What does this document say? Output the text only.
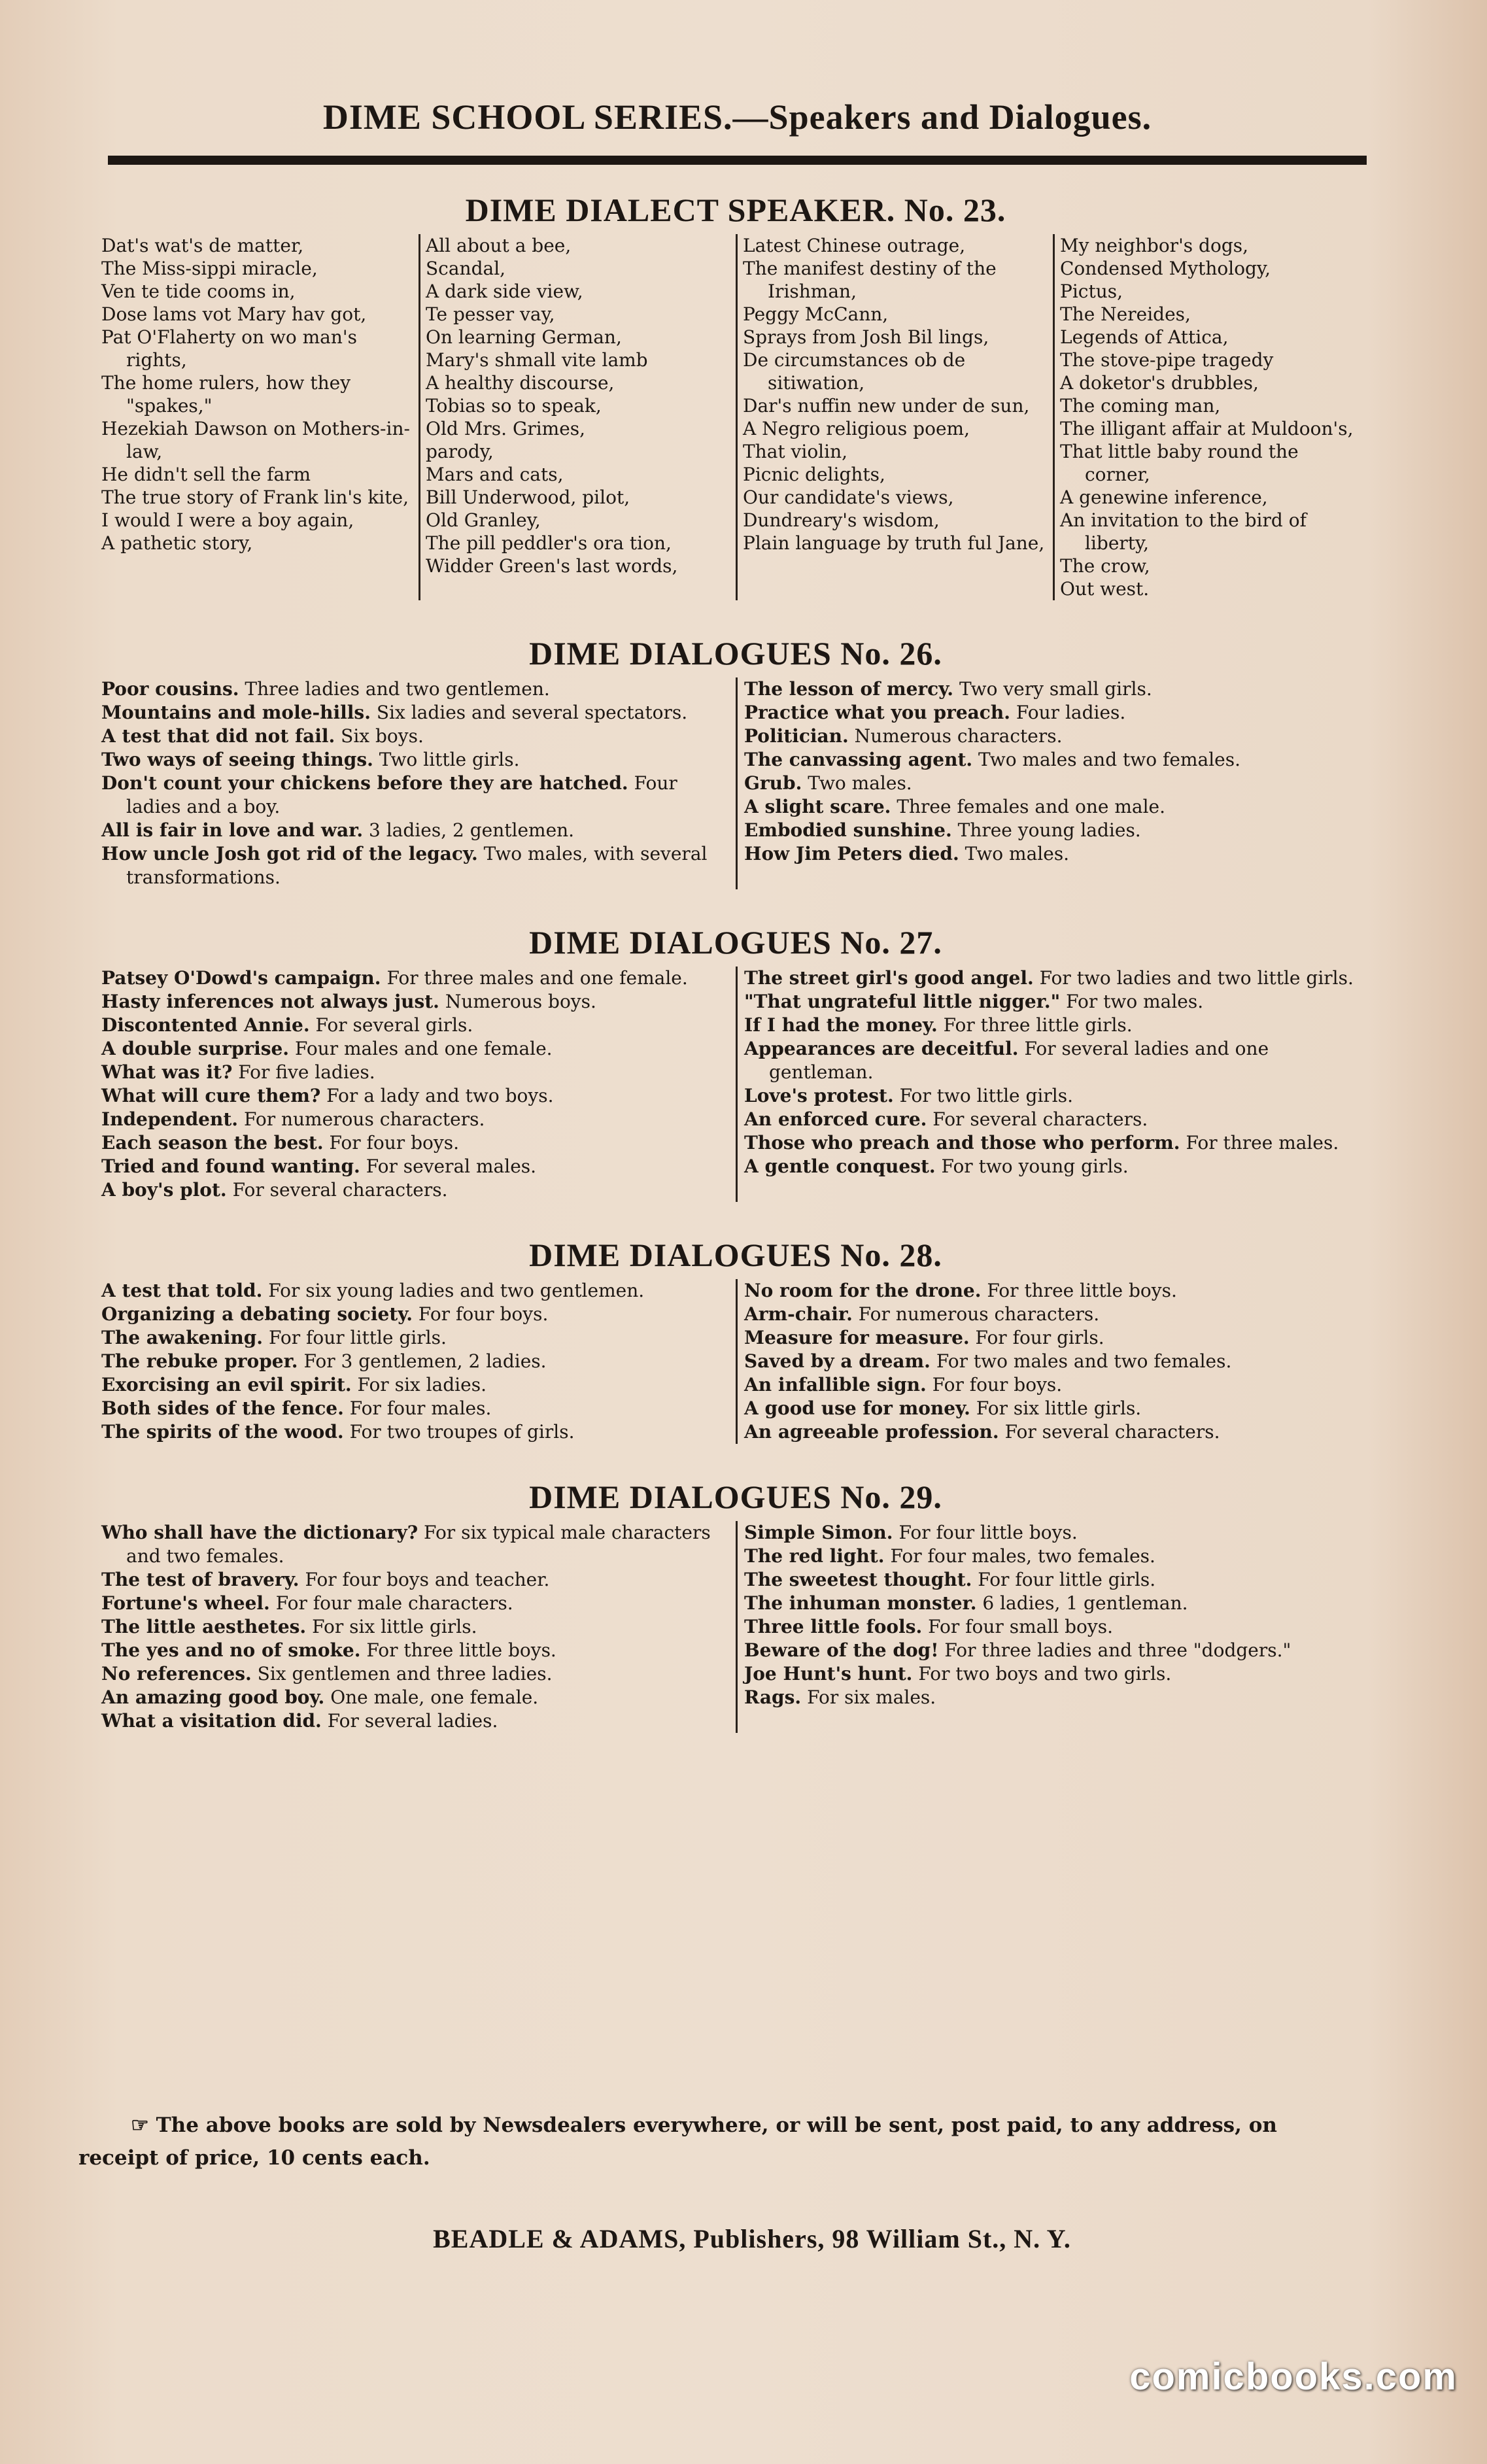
DIME SCHOOL SERIES.—Speakers and Dialogues.
DIME DIALECT SPEAKER. No. 23.
Dat's wat's de matter,
The Miss-sippi miracle,
Ven te tide cooms in,
Dose lams vot Mary hav got,
Pat O'Flaherty on wo man's rights,
The home rulers, how they "spakes,"
Hezekiah Dawson on Mothers-in-law,
He didn't sell the farm
The true story of Frank lin's kite,
I would I were a boy again,
A pathetic story,
All about a bee,
Scandal,
A dark side view,
Te pesser vay,
On learning German,
Mary's shmall vite lamb
A healthy discourse,
Tobias so to speak,
Old Mrs. Grimes,
parody,
Mars and cats,
Bill Underwood, pilot,
Old Granley,
The pill peddler's ora tion,
Widder Green's last words,
Latest Chinese outrage,
The manifest destiny of the Irishman,
Peggy McCann,
Sprays from Josh Bil lings,
De circumstances ob de sitiwation,
Dar's nuffin new under de sun,
A Negro religious poem,
That violin,
Picnic delights,
Our candidate's views,
Dundreary's wisdom,
Plain language by truth ful Jane,
My neighbor's dogs,
Condensed Mythology,
Pictus,
The Nereides,
Legends of Attica,
The stove-pipe tragedy
A doketor's drubbles,
The coming man,
The illigant affair at Muldoon's,
That little baby round the corner,
A genewine inference,
An invitation to the bird of liberty,
The crow,
Out west.
DIME DIALOGUES No. 26.
Poor cousins. Three ladies and two gentlemen.
Mountains and mole-hills. Six ladies and several spectators.
A test that did not fail. Six boys.
Two ways of seeing things. Two little girls.
Don't count your chickens before they are hatched. Four ladies and a boy.
All is fair in love and war. 3 ladies, 2 gentlemen.
How uncle Josh got rid of the legacy. Two males, with several transformations.
The lesson of mercy. Two very small girls.
Practice what you preach. Four ladies.
Politician. Numerous characters.
The canvassing agent. Two males and two females.
Grub. Two males.
A slight scare. Three females and one male.
Embodied sunshine. Three young ladies.
How Jim Peters died. Two males.
DIME DIALOGUES No. 27.
Patsey O'Dowd's campaign. For three males and one female.
Hasty inferences not always just. Numerous boys.
Discontented Annie. For several girls.
A double surprise. Four males and one female.
What was it? For five ladies.
What will cure them? For a lady and two boys.
Independent. For numerous characters.
Each season the best. For four boys.
Tried and found wanting. For several males.
A boy's plot. For several characters.
The street girl's good angel. For two ladies and two little girls.
"That ungrateful little nigger." For two males.
If I had the money. For three little girls.
Appearances are deceitful. For several ladies and one gentleman.
Love's protest. For two little girls.
An enforced cure. For several characters.
Those who preach and those who perform. For three males.
A gentle conquest. For two young girls.
DIME DIALOGUES No. 28.
A test that told. For six young ladies and two gentlemen.
Organizing a debating society. For four boys.
The awakening. For four little girls.
The rebuke proper. For 3 gentlemen, 2 ladies.
Exorcising an evil spirit. For six ladies.
Both sides of the fence. For four males.
The spirits of the wood. For two troupes of girls.
No room for the drone. For three little boys.
Arm-chair. For numerous characters.
Measure for measure. For four girls.
Saved by a dream. For two males and two females.
An infallible sign. For four boys.
A good use for money. For six little girls.
An agreeable profession. For several characters.
DIME DIALOGUES No. 29.
Who shall have the dictionary? For six typical male characters and two females.
The test of bravery. For four boys and teacher.
Fortune's wheel. For four male characters.
The little aesthetes. For six little girls.
The yes and no of smoke. For three little boys.
No references. Six gentlemen and three ladies.
An amazing good boy. One male, one female.
What a visitation did. For several ladies.
Simple Simon. For four little boys.
The red light. For four males, two females.
The sweetest thought. For four little girls.
The inhuman monster. 6 ladies, 1 gentleman.
Three little fools. For four small boys.
Beware of the dog! For three ladies and three "dodgers."
Joe Hunt's hunt. For two boys and two girls.
Rags. For six males.
☞ The above books are sold by Newsdealers everywhere, or will be sent, post paid, to any address, on receipt of price, 10 cents each.
BEADLE & ADAMS, Publishers, 98 William St., N. Y.
comicbooks.com
